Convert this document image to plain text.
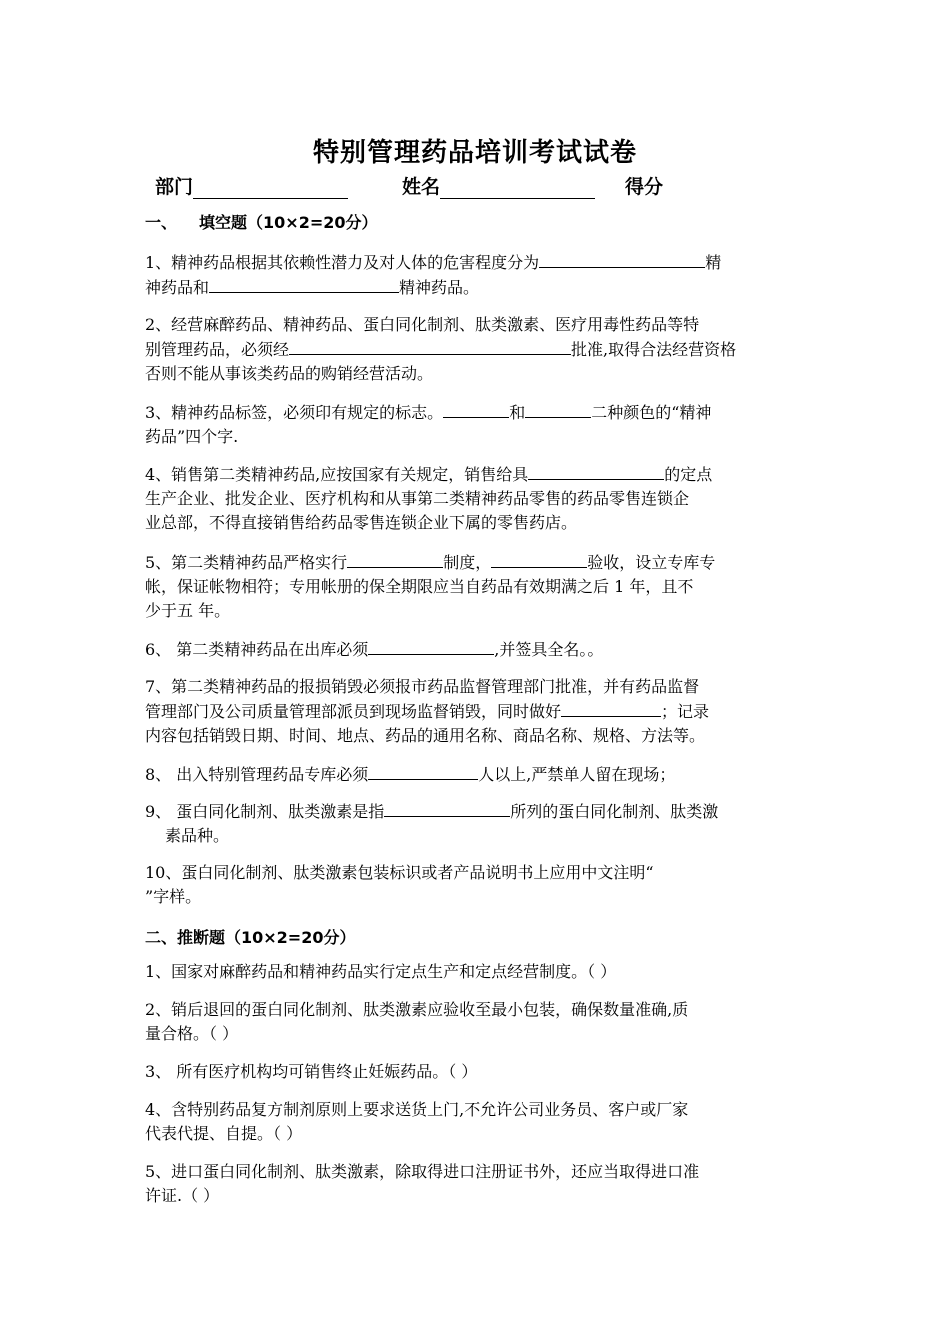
特别管理药品培训考试试卷
部门	姓名	得分
一、 填空题（10×2=20分）
1、精神药品根据其依赖性潜力及对人体的危害程度分为	精
神药品和	精神药品。
2、经营麻醉药品、精神药品、蛋白同化制剂、肽类激素、医疗用毒性药品等特
别管理药品，必须经	批准,取得合法经营资格
否则不能从事该类药品的购销经营活动。
3、精神药品标签，必须印有规定的标志。	和	二种颜色的“精神
药品”四个字.
4、销售第二类精神药品,应按国家有关规定，销售给具	的定点
生产企业、批发企业、医疗机构和从事第二类精神药品零售的药品零售连锁企
业总部，不得直接销售给药品零售连锁企业下属的零售药店。
5、第二类精神药品严格实行	制度，	验收，设立专库专
帐，保证帐物相符；专用帐册的保全期限应当自药品有效期满之后 1 年，且不
少于五 年。
6、 第二类精神药品在出库必须	,并签具全名。。
7、第二类精神药品的报损销毁必须报市药品监督管理部门批准，并有药品监督
管理部门及公司质量管理部派员到现场监督销毁，同时做好	；记录
内容包括销毁日期、时间、地点、药品的通用名称、商品名称、规格、方法等。
8、 出入特别管理药品专库必须	人以上,严禁单人留在现场；
9、 蛋白同化制剂、肽类激素是指	所列的蛋白同化制剂、肽类激
素品种。
10、蛋白同化制剂、肽类激素包装标识或者产品说明书上应用中文注明“
”字样。
二、推断题（10×2=20分）
1、国家对麻醉药品和精神药品实行定点生产和定点经营制度。（ ）
2、销后退回的蛋白同化制剂、肽类激素应验收至最小包装，确保数量准确,质
量合格。（ ）
3、 所有医疗机构均可销售终止妊娠药品。（ ）
4、含特别药品复方制剂原则上要求送货上门,不允许公司业务员、客户或厂家
代表代提、自提。（ ）
5、进口蛋白同化制剂、肽类激素，除取得进口注册证书外，还应当取得进口准
许证.（ ）
